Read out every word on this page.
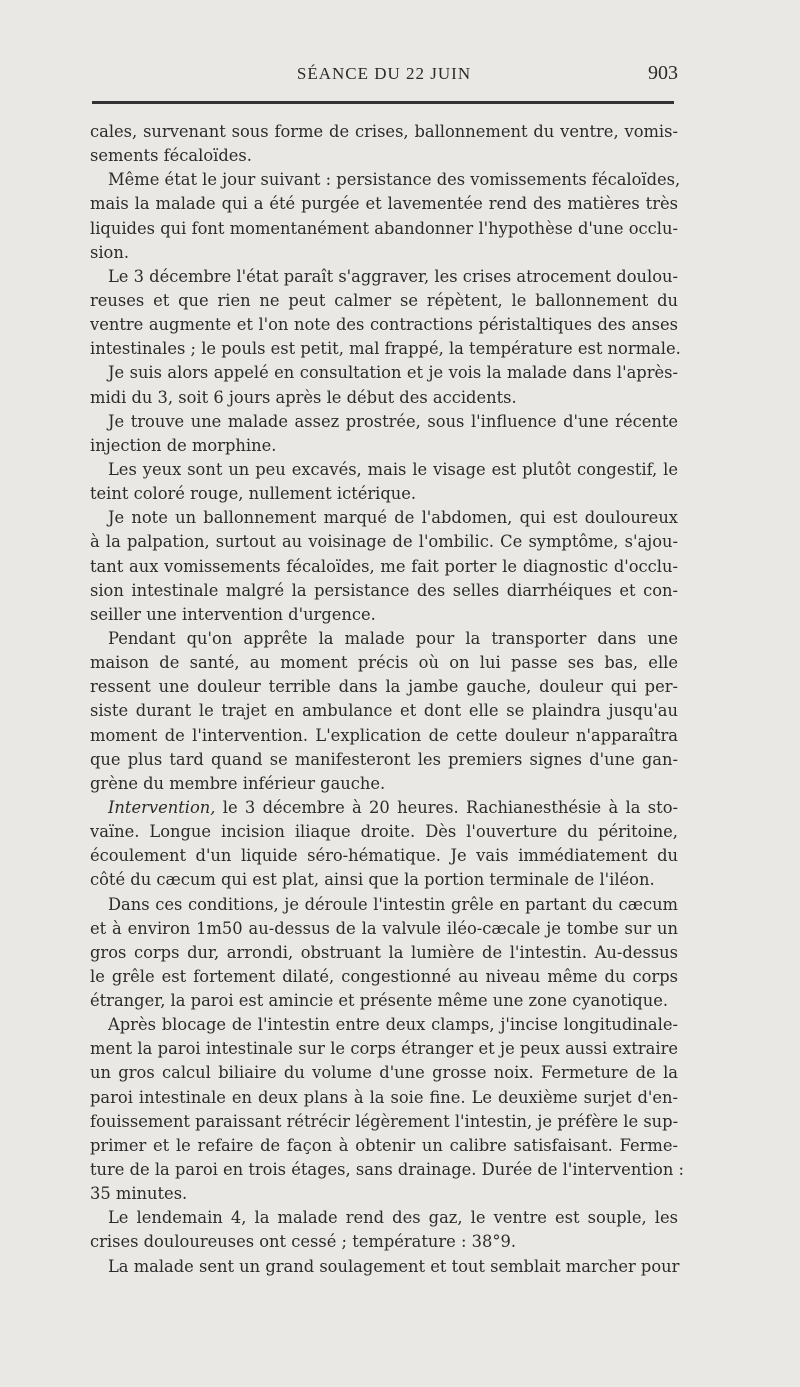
SÉANCE DU 22 JUIN	903
cales, survenant sous forme de crises, ballonnement du ventre, vomis-
sements fécaloïdes.
Même état le jour suivant : persistance des vomissements fécaloïdes,
mais la malade qui a été purgée et lavementée rend des matières très
liquides qui font momentanément abandonner l'hypothèse d'une occlu-
sion.
Le 3 décembre l'état paraît s'aggraver, les crises atrocement doulou-
reuses et que rien ne peut calmer se répètent, le ballonnement du
ventre augmente et l'on note des contractions péristaltiques des anses
intestinales ; le pouls est petit, mal frappé, la température est normale.
Je suis alors appelé en consultation et je vois la malade dans l'après-
midi du 3, soit 6 jours après le début des accidents.
Je trouve une malade assez prostrée, sous l'influence d'une récente
injection de morphine.
Les yeux sont un peu excavés, mais le visage est plutôt congestif, le
teint coloré rouge, nullement ictérique.
Je note un ballonnement marqué de l'abdomen, qui est douloureux
à la palpation, surtout au voisinage de l'ombilic. Ce symptôme, s'ajou-
tant aux vomissements fécaloïdes, me fait porter le diagnostic d'occlu-
sion intestinale malgré la persistance des selles diarrhéiques et con-
seiller une intervention d'urgence.
Pendant qu'on apprête la malade pour la transporter dans une
maison de santé, au moment précis où on lui passe ses bas, elle
ressent une douleur terrible dans la jambe gauche, douleur qui per-
siste durant le trajet en ambulance et dont elle se plaindra jusqu'au
moment de l'intervention. L'explication de cette douleur n'apparaîtra
que plus tard quand se manifesteront les premiers signes d'une gan-
grène du membre inférieur gauche.
Intervention, le 3 décembre à 20 heures. Rachianesthésie à la sto-
vaïne. Longue incision iliaque droite. Dès l'ouverture du péritoine,
écoulement d'un liquide séro-hématique. Je vais immédiatement du
côté du cæcum qui est plat, ainsi que la portion terminale de l'iléon.
Dans ces conditions, je déroule l'intestin grêle en partant du cæcum
et à environ 1m50 au-dessus de la valvule iléo-cæcale je tombe sur un
gros corps dur, arrondi, obstruant la lumière de l'intestin. Au-dessus
le grêle est fortement dilaté, congestionné au niveau même du corps
étranger, la paroi est amincie et présente même une zone cyanotique.
Après blocage de l'intestin entre deux clamps, j'incise longitudinale-
ment la paroi intestinale sur le corps étranger et je peux aussi extraire
un gros calcul biliaire du volume d'une grosse noix. Fermeture de la
paroi intestinale en deux plans à la soie fine. Le deuxième surjet d'en-
fouissement paraissant rétrécir légèrement l'intestin, je préfère le sup-
primer et le refaire de façon à obtenir un calibre satisfaisant. Ferme-
ture de la paroi en trois étages, sans drainage. Durée de l'intervention :
35 minutes.
Le lendemain 4, la malade rend des gaz, le ventre est souple, les
crises douloureuses ont cessé ; température : 38°9.
La malade sent un grand soulagement et tout semblait marcher pour
